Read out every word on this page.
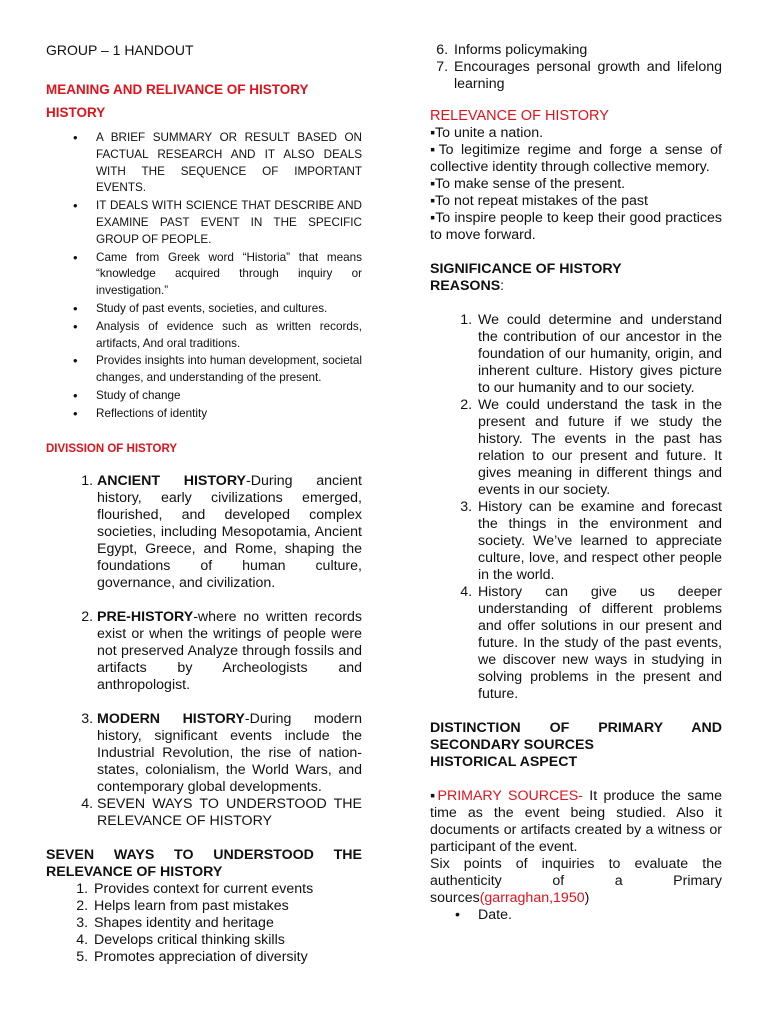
GROUP – 1 HANDOUT
MEANING AND RELIVANCE OF HISTORY
HISTORY
• A BRIEF SUMMARY OR RESULT BASED ON FACTUAL RESEARCH AND IT ALSO DEALS WITH THE SEQUENCE OF IMPORTANT EVENTS.
• IT DEALS WITH SCIENCE THAT DESCRIBE AND EXAMINE PAST EVENT IN THE SPECIFIC GROUP OF PEOPLE.
• Came from Greek word “Historia” that means “knowledge acquired through inquiry or investigation.”
• Study of past events, societies, and cultures.
• Analysis of evidence such as written records, artifacts, And oral traditions.
• Provides insights into human development, societal changes, and understanding of the present.
• Study of change
• Reflections of identity
DIVISSION OF HISTORY
1. ANCIENT HISTORY-During ancient history, early civilizations emerged, flourished, and developed complex societies, including Mesopotamia, Ancient Egypt, Greece, and Rome, shaping the foundations of human culture, governance, and civilization.
2. PRE-HISTORY-where no written records exist or when the writings of people were not preserved Analyze through fossils and artifacts by Archeologists and anthropologist.
3. MODERN HISTORY-During modern history, significant events include the Industrial Revolution, the rise of nation-states, colonialism, the World Wars, and contemporary global developments.
4. SEVEN WAYS TO UNDERSTOOD THE RELEVANCE OF HISTORY
SEVEN WAYS TO UNDERSTOOD THE RELEVANCE OF HISTORY
1. Provides context for current events
2. Helps learn from past mistakes
3. Shapes identity and heritage
4. Develops critical thinking skills
5. Promotes appreciation of diversity
6. Informs policymaking
7. Encourages personal growth and lifelong learning
RELEVANCE OF HISTORY

▪To unite a nation.

▪To legitimize regime and forge a sense of collective identity through collective memory.

▪To make sense of the present.

▪To not repeat mistakes of the past

▪To inspire people to keep their good practices to move forward.

SIGNIFICANCE OF HISTORY
REASONS:
1. We could determine and understand the contribution of our ancestor in the foundation of our humanity, origin, and inherent culture. History gives picture to our humanity and to our society.
2. We could understand the task in the present and future if we study the history. The events in the past has relation to our present and future. It gives meaning in different things and events in our society.
3. History can be examine and forecast the things in the environment and society. We’ve learned to appreciate culture, love, and respect other people in the world.
4. History can give us deeper understanding of different problems and offer solutions in our present and future. In the study of the past events, we discover new ways in studying in solving problems in the present and future.
DISTINCTION OF PRIMARY AND SECONDARY SOURCES
HISTORICAL ASPECT

▪PRIMARY SOURCES- It produce the same time as the event being studied. Also it documents or artifacts created by a witness or participant of the event.

Six points of inquiries to evaluate the authenticity of a Primary sources(garraghan,1950)

• Date.
